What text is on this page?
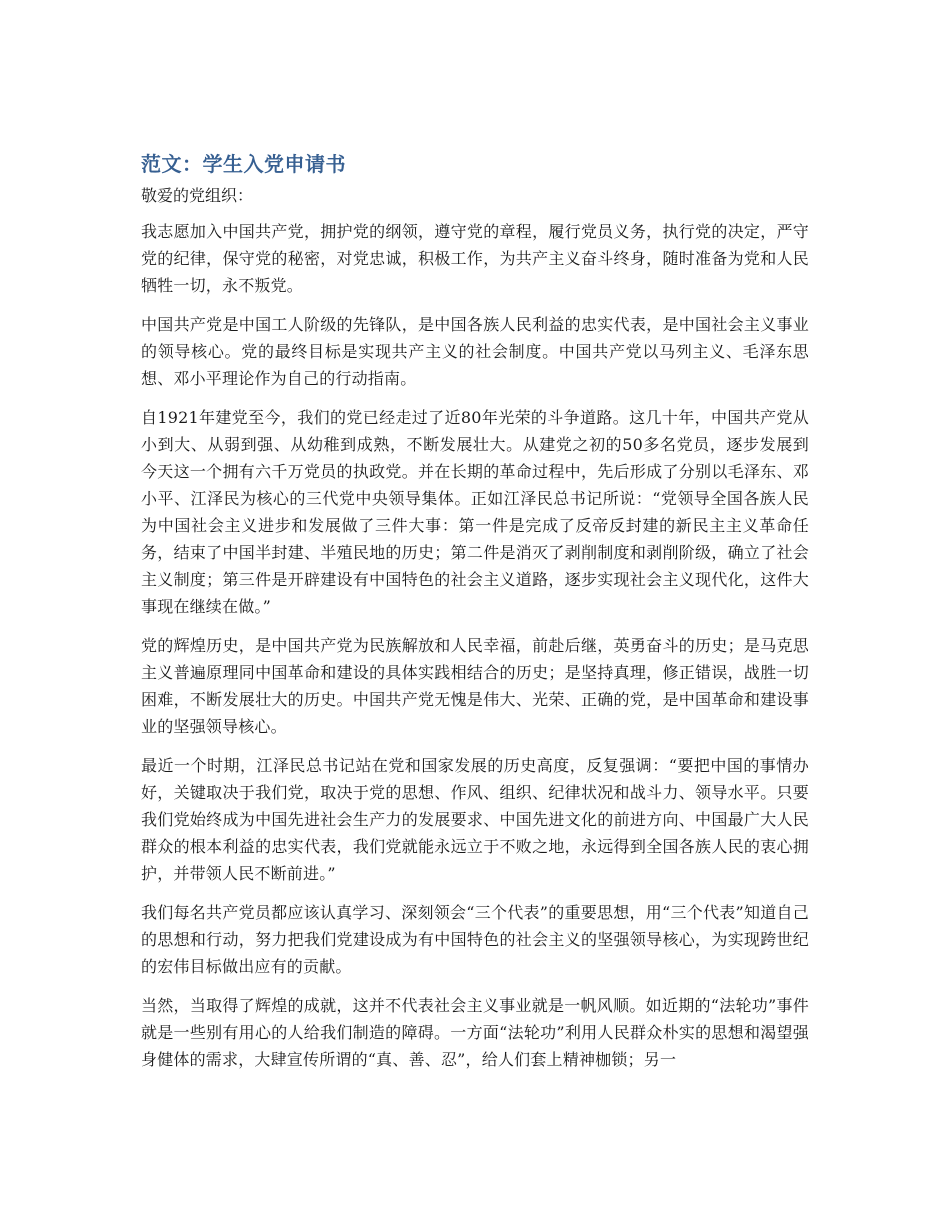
范文：学生入党申请书

敬爱的党组织：

我志愿加入中国共产党，拥护党的纲领，遵守党的章程，履行党员义务，执行党的决定，严守党的纪律，保守党的秘密，对党忠诚，积极工作，为共产主义奋斗终身，随时准备为党和人民牺牲一切，永不叛党。

中国共产党是中国工人阶级的先锋队，是中国各族人民利益的忠实代表，是中国社会主义事业的领导核心。党的最终目标是实现共产主义的社会制度。中国共产党以马列主义、毛泽东思想、邓小平理论作为自己的行动指南。

自1921年建党至今，我们的党已经走过了近80年光荣的斗争道路。这几十年，中国共产党从小到大、从弱到强、从幼稚到成熟，不断发展壮大。从建党之初的50多名党员，逐步发展到今天这一个拥有六千万党员的执政党。并在长期的革命过程中，先后形成了分别以毛泽东、邓小平、江泽民为核心的三代党中央领导集体。正如江泽民总书记所说：“党领导全国各族人民为中国社会主义进步和发展做了三件大事：第一件是完成了反帝反封建的新民主主义革命任务，结束了中国半封建、半殖民地的历史；第二件是消灭了剥削制度和剥削阶级，确立了社会主义制度；第三件是开辟建设有中国特色的社会主义道路，逐步实现社会主义现代化，这件大事现在继续在做。”

党的辉煌历史，是中国共产党为民族解放和人民幸福，前赴后继，英勇奋斗的历史；是马克思主义普遍原理同中国革命和建设的具体实践相结合的历史；是坚持真理，修正错误，战胜一切困难，不断发展壮大的历史。中国共产党无愧是伟大、光荣、正确的党，是中国革命和建设事业的坚强领导核心。

最近一个时期，江泽民总书记站在党和国家发展的历史高度，反复强调：“要把中国的事情办好，关键取决于我们党，取决于党的思想、作风、组织、纪律状况和战斗力、领导水平。只要我们党始终成为中国先进社会生产力的发展要求、中国先进文化的前进方向、中国最广大人民群众的根本利益的忠实代表，我们党就能永远立于不败之地，永远得到全国各族人民的衷心拥护，并带领人民不断前进。”

我们每名共产党员都应该认真学习、深刻领会“三个代表”的重要思想，用“三个代表”知道自己的思想和行动，努力把我们党建设成为有中国特色的社会主义的坚强领导核心，为实现跨世纪的宏伟目标做出应有的贡献。

当然，当取得了辉煌的成就，这并不代表社会主义事业就是一帆风顺。如近期的“法轮功”事件就是一些别有用心的人给我们制造的障碍。一方面“法轮功”利用人民群众朴实的思想和渴望强身健体的需求，大肆宣传所谓的“真、善、忍”，给人们套上精神枷锁；另一
